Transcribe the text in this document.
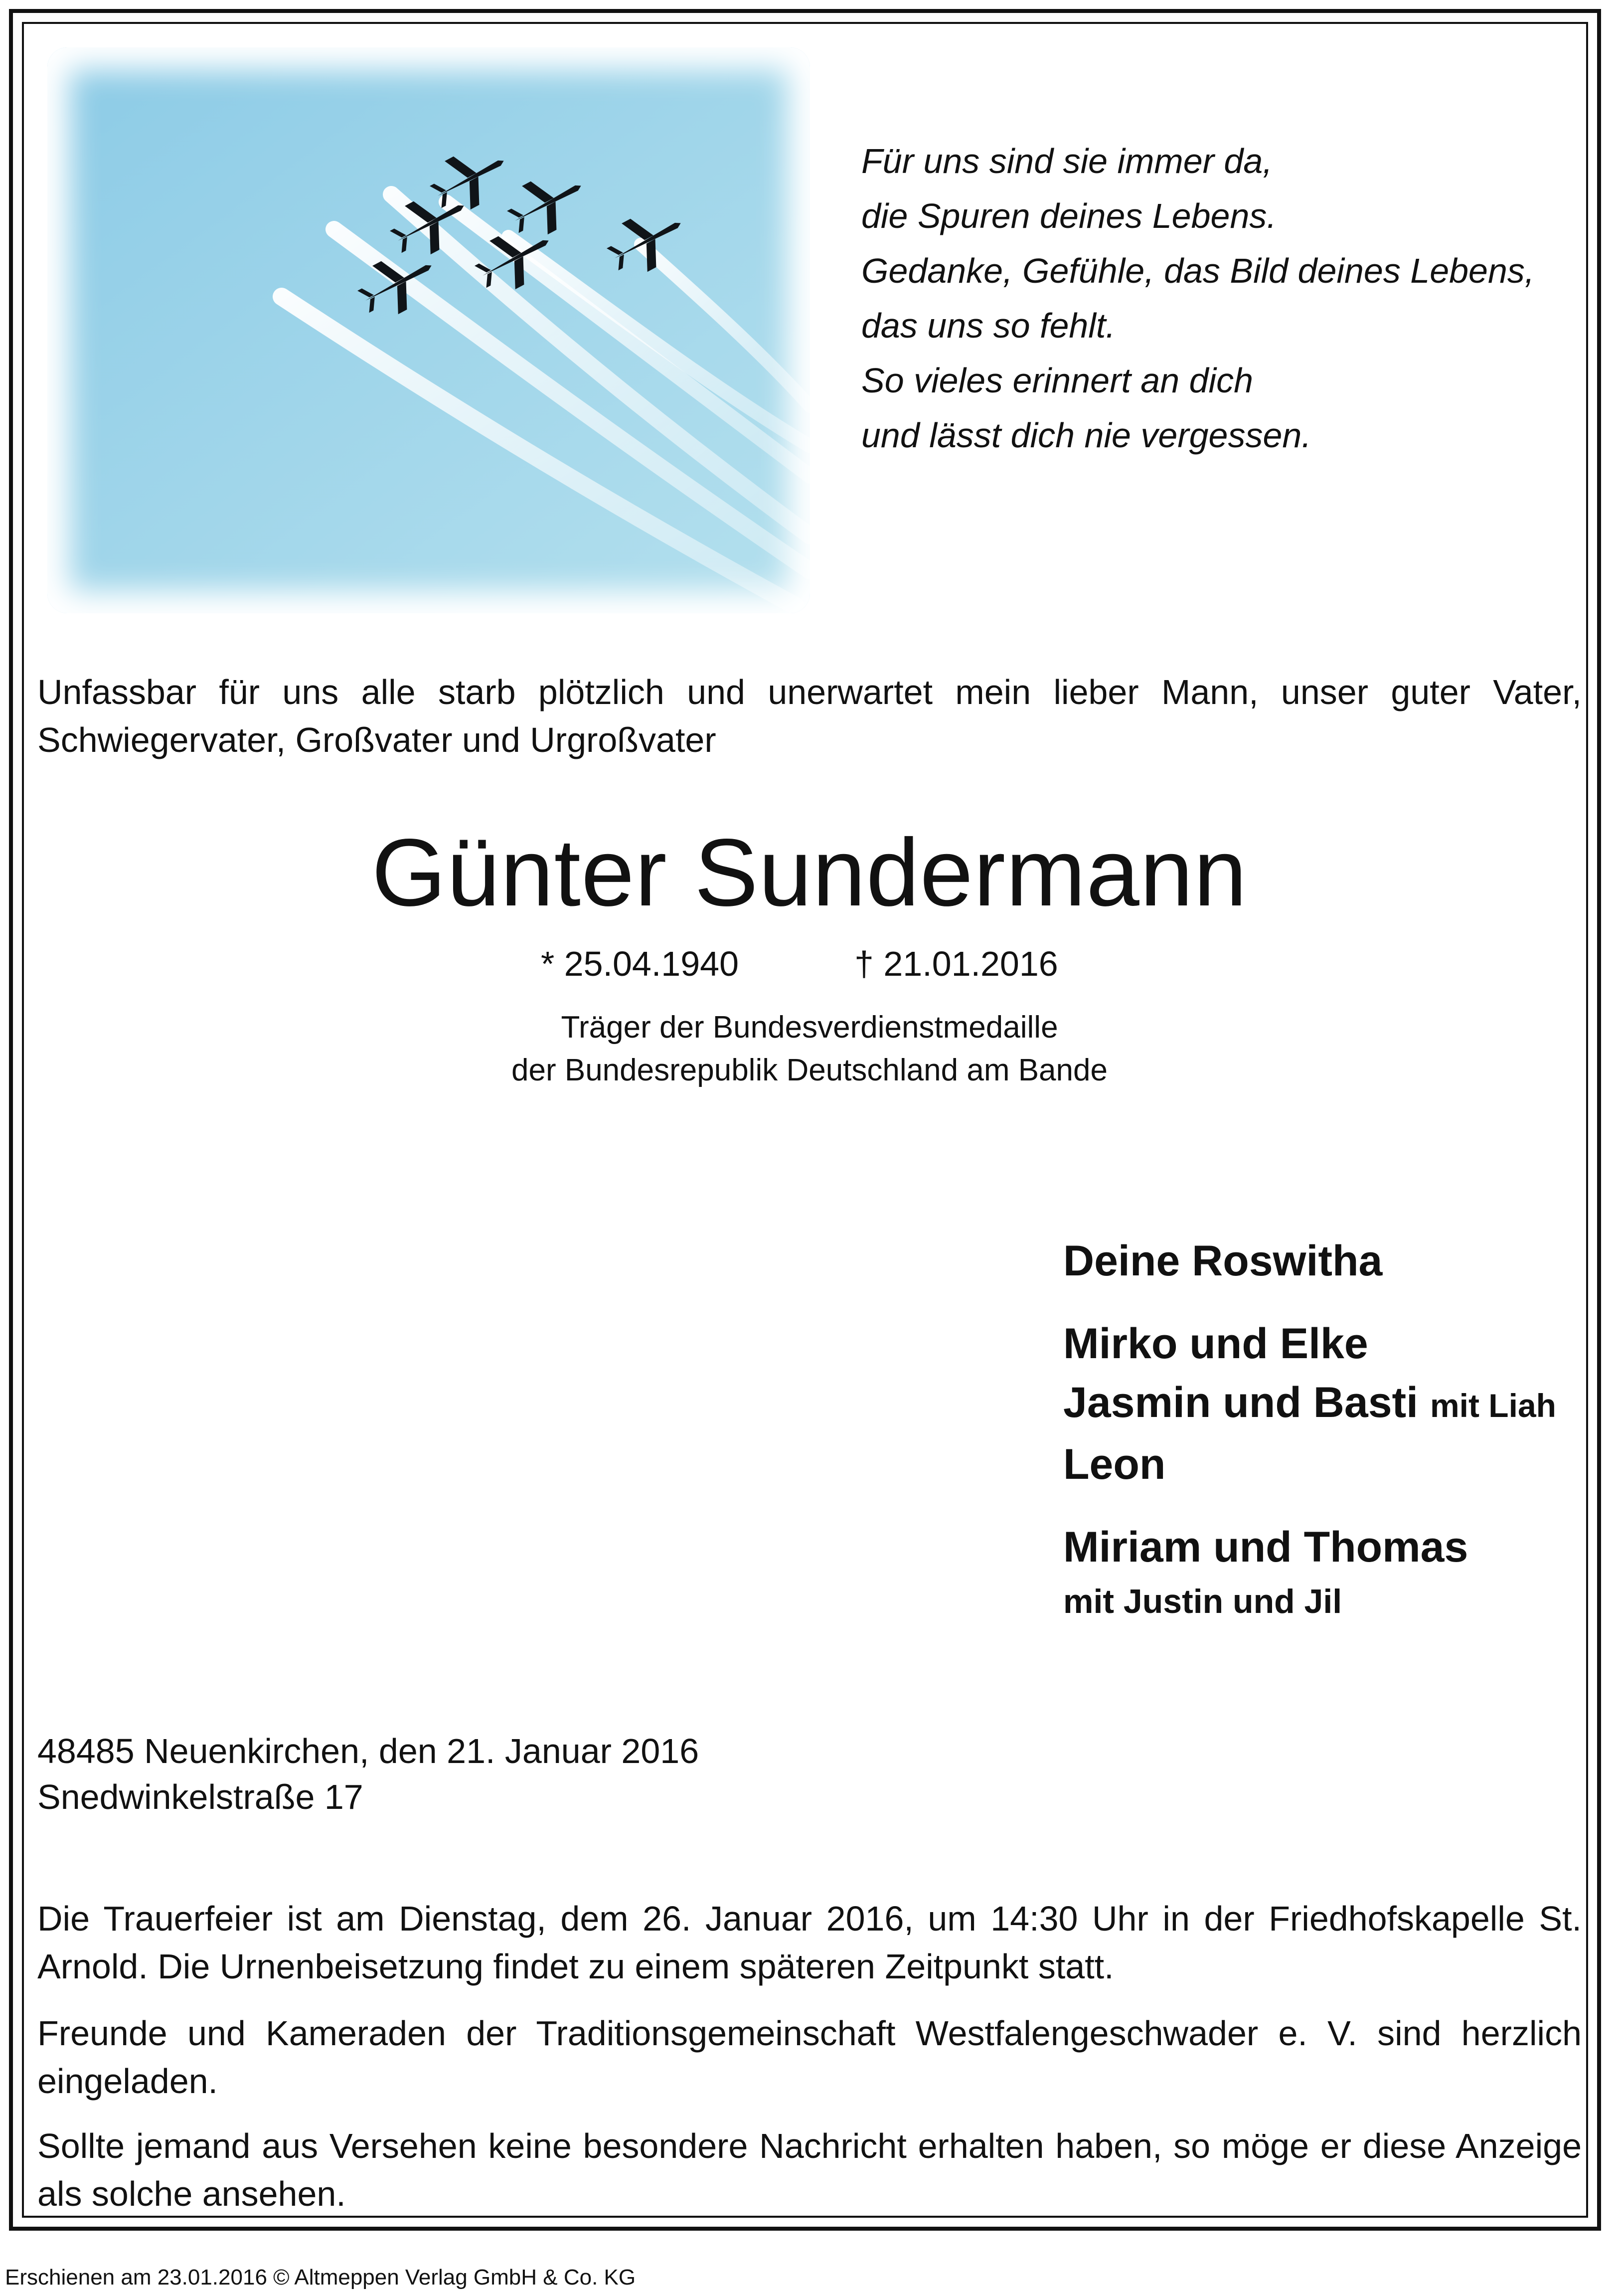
Für uns sind sie immer da,
die Spuren deines Lebens.
Gedanke, Gefühle, das Bild deines Lebens,
das uns so fehlt.
So vieles erinnert an dich
und lässt dich nie vergessen.
Unfassbar für uns alle starb plötzlich und unerwartet mein lieber Mann, unser guter Vater, Schwiegervater, Großvater und Urgroßvater
Günter Sundermann
* 25.04.1940	† 21.01.2016
Träger der Bundesverdienstmedaille
der Bundesrepublik Deutschland am Bande
Deine Roswitha
Mirko und Elke
Jasmin und Basti mit Liah
Leon
Miriam und Thomas
mit Justin und Jil
48485 Neuenkirchen, den 21. Januar 2016
Snedwinkelstraße 17
Die Trauerfeier ist am Dienstag, dem 26. Januar 2016, um 14:30 Uhr in der Friedhofskapelle St. Arnold. Die Urnenbeisetzung findet zu einem späteren Zeitpunkt statt.
Freunde und Kameraden der Traditionsgemeinschaft Westfalengeschwader e. V. sind herzlich eingeladen.
Sollte jemand aus Versehen keine besondere Nachricht erhalten haben, so möge er diese Anzeige als solche ansehen.
Erschienen am 23.01.2016 © Altmeppen Verlag GmbH & Co. KG
